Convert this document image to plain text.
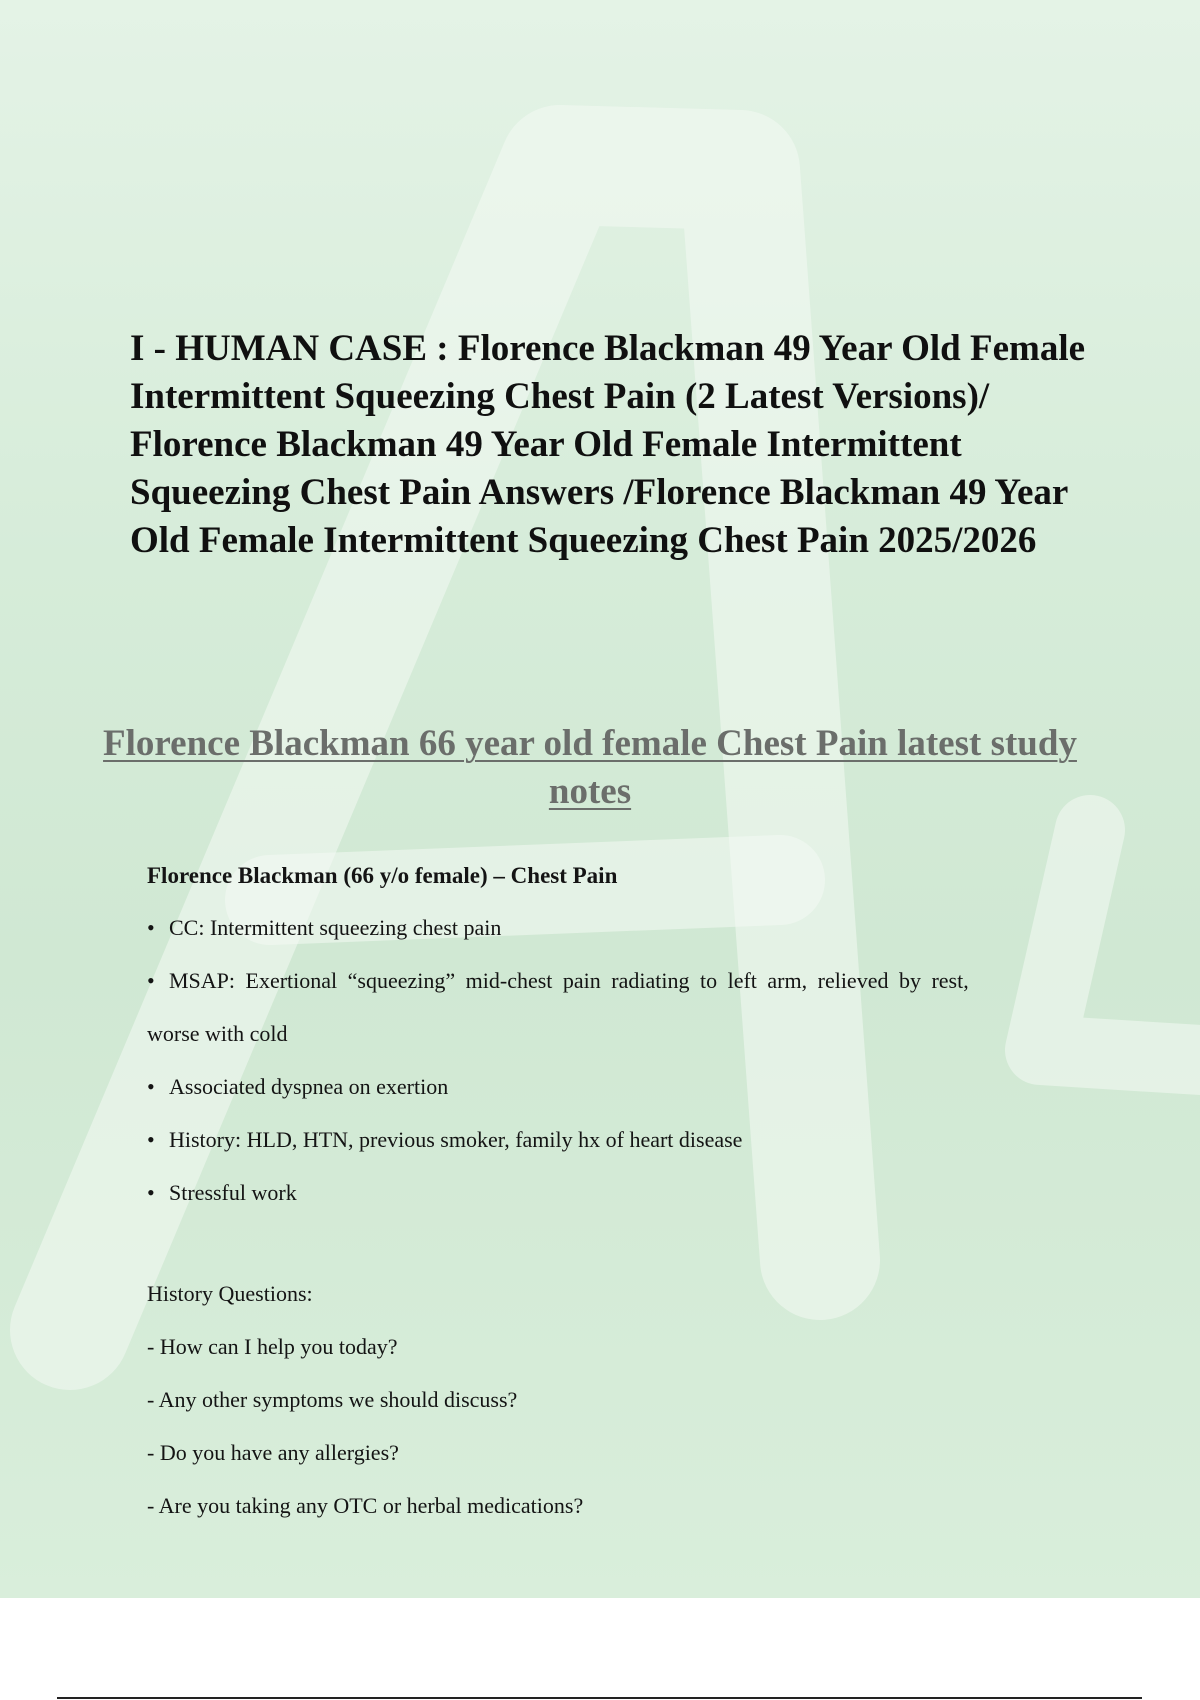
I - HUMAN CASE : Florence Blackman 49 Year Old Female Intermittent Squeezing Chest Pain (2 Latest Versions)/ Florence Blackman 49 Year Old Female Intermittent Squeezing Chest Pain Answers /Florence Blackman 49 Year Old Female Intermittent Squeezing Chest Pain 2025/2026
Florence Blackman 66 year old female Chest Pain latest study notes
Florence Blackman (66 y/o female) – Chest Pain
• CC: Intermittent squeezing chest pain
• MSAP: Exertional “squeezing” mid-chest pain radiating to left arm, relieved by rest,
worse with cold
• Associated dyspnea on exertion
• History: HLD, HTN, previous smoker, family hx of heart disease
• Stressful work
History Questions:
- How can I help you today?
- Any other symptoms we should discuss?
- Do you have any allergies?
- Are you taking any OTC or herbal medications?
